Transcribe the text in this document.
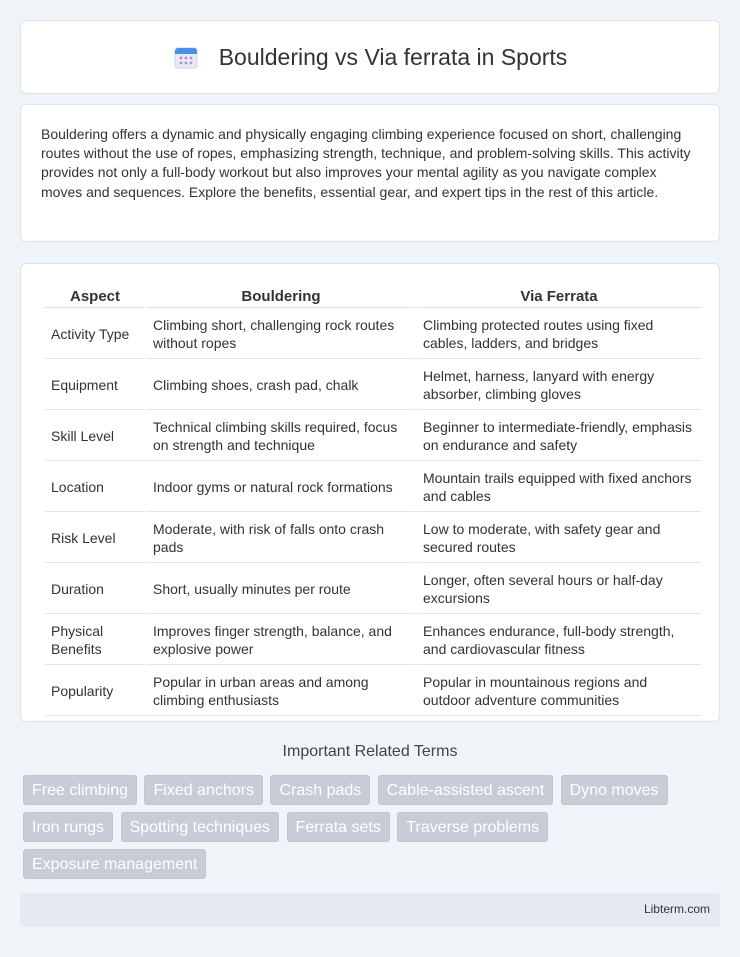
Bouldering vs Via ferrata in Sports

Bouldering offers a dynamic and physically engaging climbing experience focused on short, challenging routes without the use of ropes, emphasizing strength, technique, and problem-solving skills. This activity provides not only a full-body workout but also improves your mental agility as you navigate complex moves and sequences. Explore the benefits, essential gear, and expert tips in the rest of this article.

Aspect	Bouldering	Via Ferrata
Activity Type	Climbing short, challenging rock routes without ropes	Climbing protected routes using fixed cables, ladders, and bridges
Equipment	Climbing shoes, crash pad, chalk	Helmet, harness, lanyard with energy absorber, climbing gloves
Skill Level	Technical climbing skills required, focus on strength and technique	Beginner to intermediate-friendly, emphasis on endurance and safety
Location	Indoor gyms or natural rock formations	Mountain trails equipped with fixed anchors and cables
Risk Level	Moderate, with risk of falls onto crash pads	Low to moderate, with safety gear and secured routes
Duration	Short, usually minutes per route	Longer, often several hours or half-day excursions
Physical Benefits	Improves finger strength, balance, and explosive power	Enhances endurance, full-body strength, and cardiovascular fitness
Popularity	Popular in urban areas and among climbing enthusiasts	Popular in mountainous regions and outdoor adventure communities
Important Related Terms
Free climbing Fixed anchors Crash pads Cable-assisted ascent Dyno moves Iron rungs Spotting techniques Ferrata sets Traverse problems Exposure management
Libterm.com
